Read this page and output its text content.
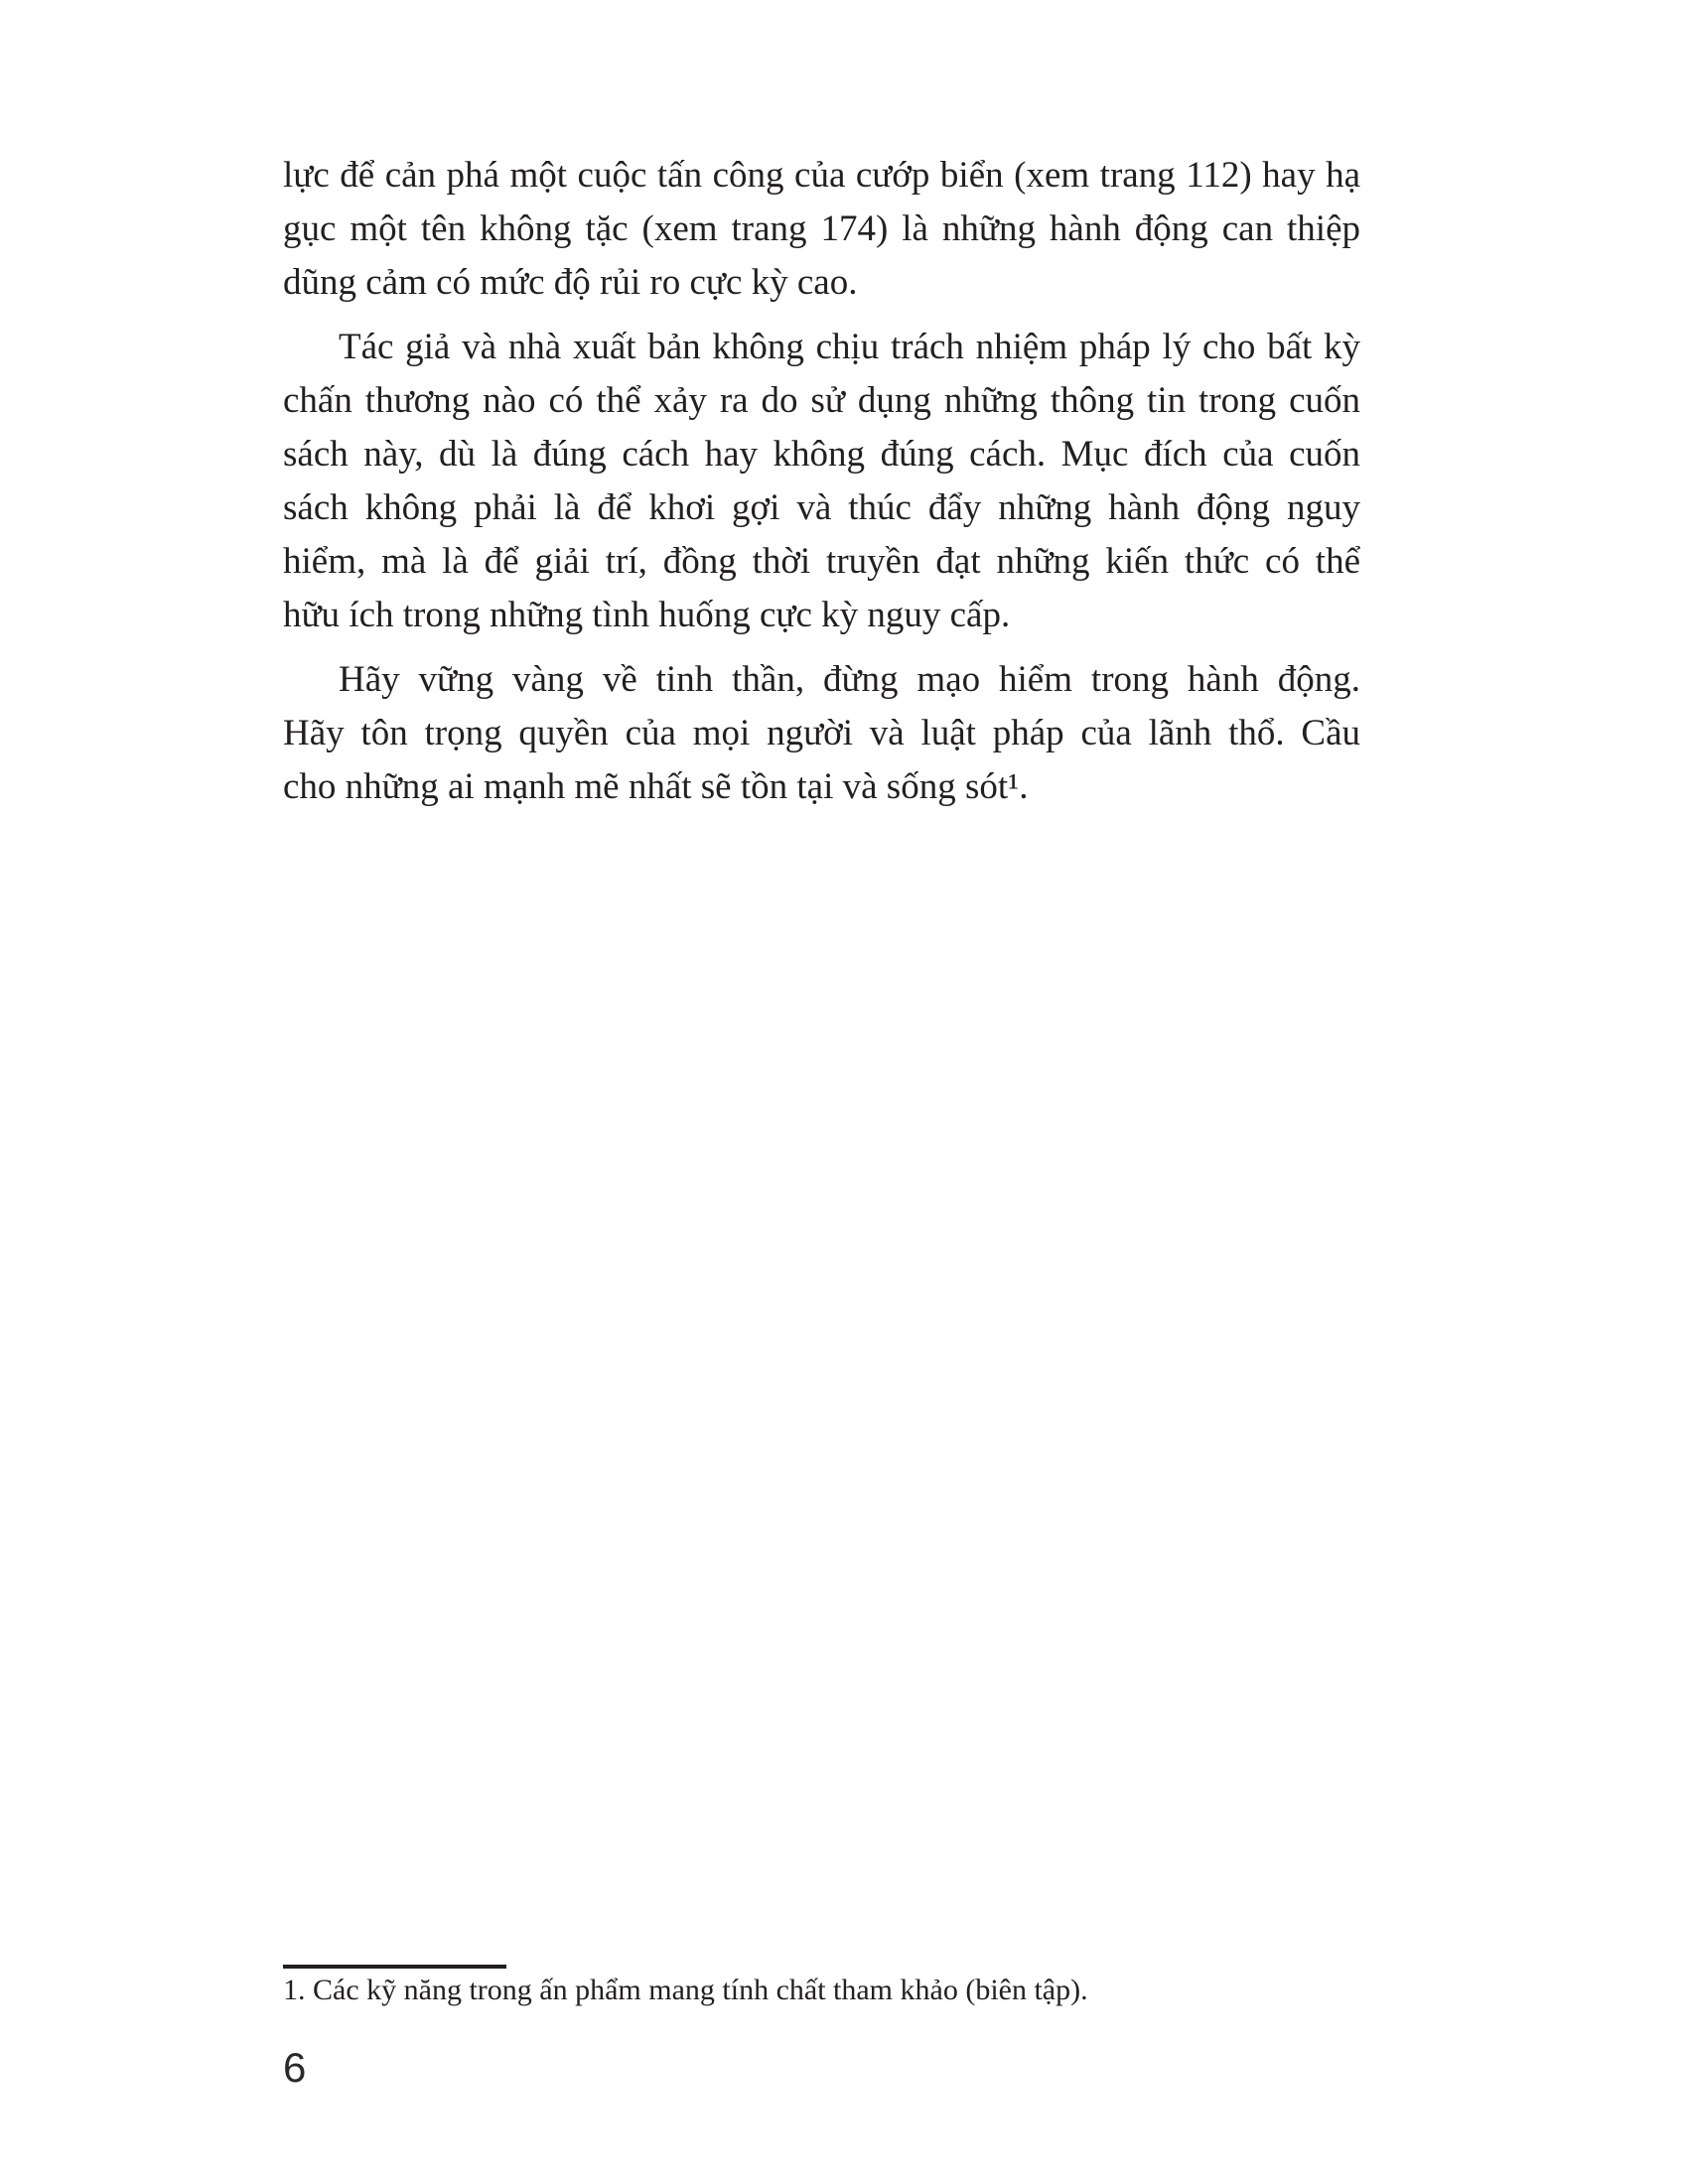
lực để cản phá một cuộc tấn công của cướp biển (xem trang 112) hay hạ
gục một tên không tặc (xem trang 174) là những hành động can thiệp
dũng cảm có mức độ rủi ro cực kỳ cao.
Tác giả và nhà xuất bản không chịu trách nhiệm pháp lý cho bất kỳ
chấn thương nào có thể xảy ra do sử dụng những thông tin trong cuốn
sách này, dù là đúng cách hay không đúng cách. Mục đích của cuốn
sách không phải là để khơi gợi và thúc đẩy những hành động nguy
hiểm, mà là để giải trí, đồng thời truyền đạt những kiến thức có thể
hữu ích trong những tình huống cực kỳ nguy cấp.
Hãy vững vàng về tinh thần, đừng mạo hiểm trong hành động.
Hãy tôn trọng quyền của mọi người và luật pháp của lãnh thổ. Cầu
cho những ai mạnh mẽ nhất sẽ tồn tại và sống sót¹.
1. Các kỹ năng trong ấn phẩm mang tính chất tham khảo (biên tập).
6
